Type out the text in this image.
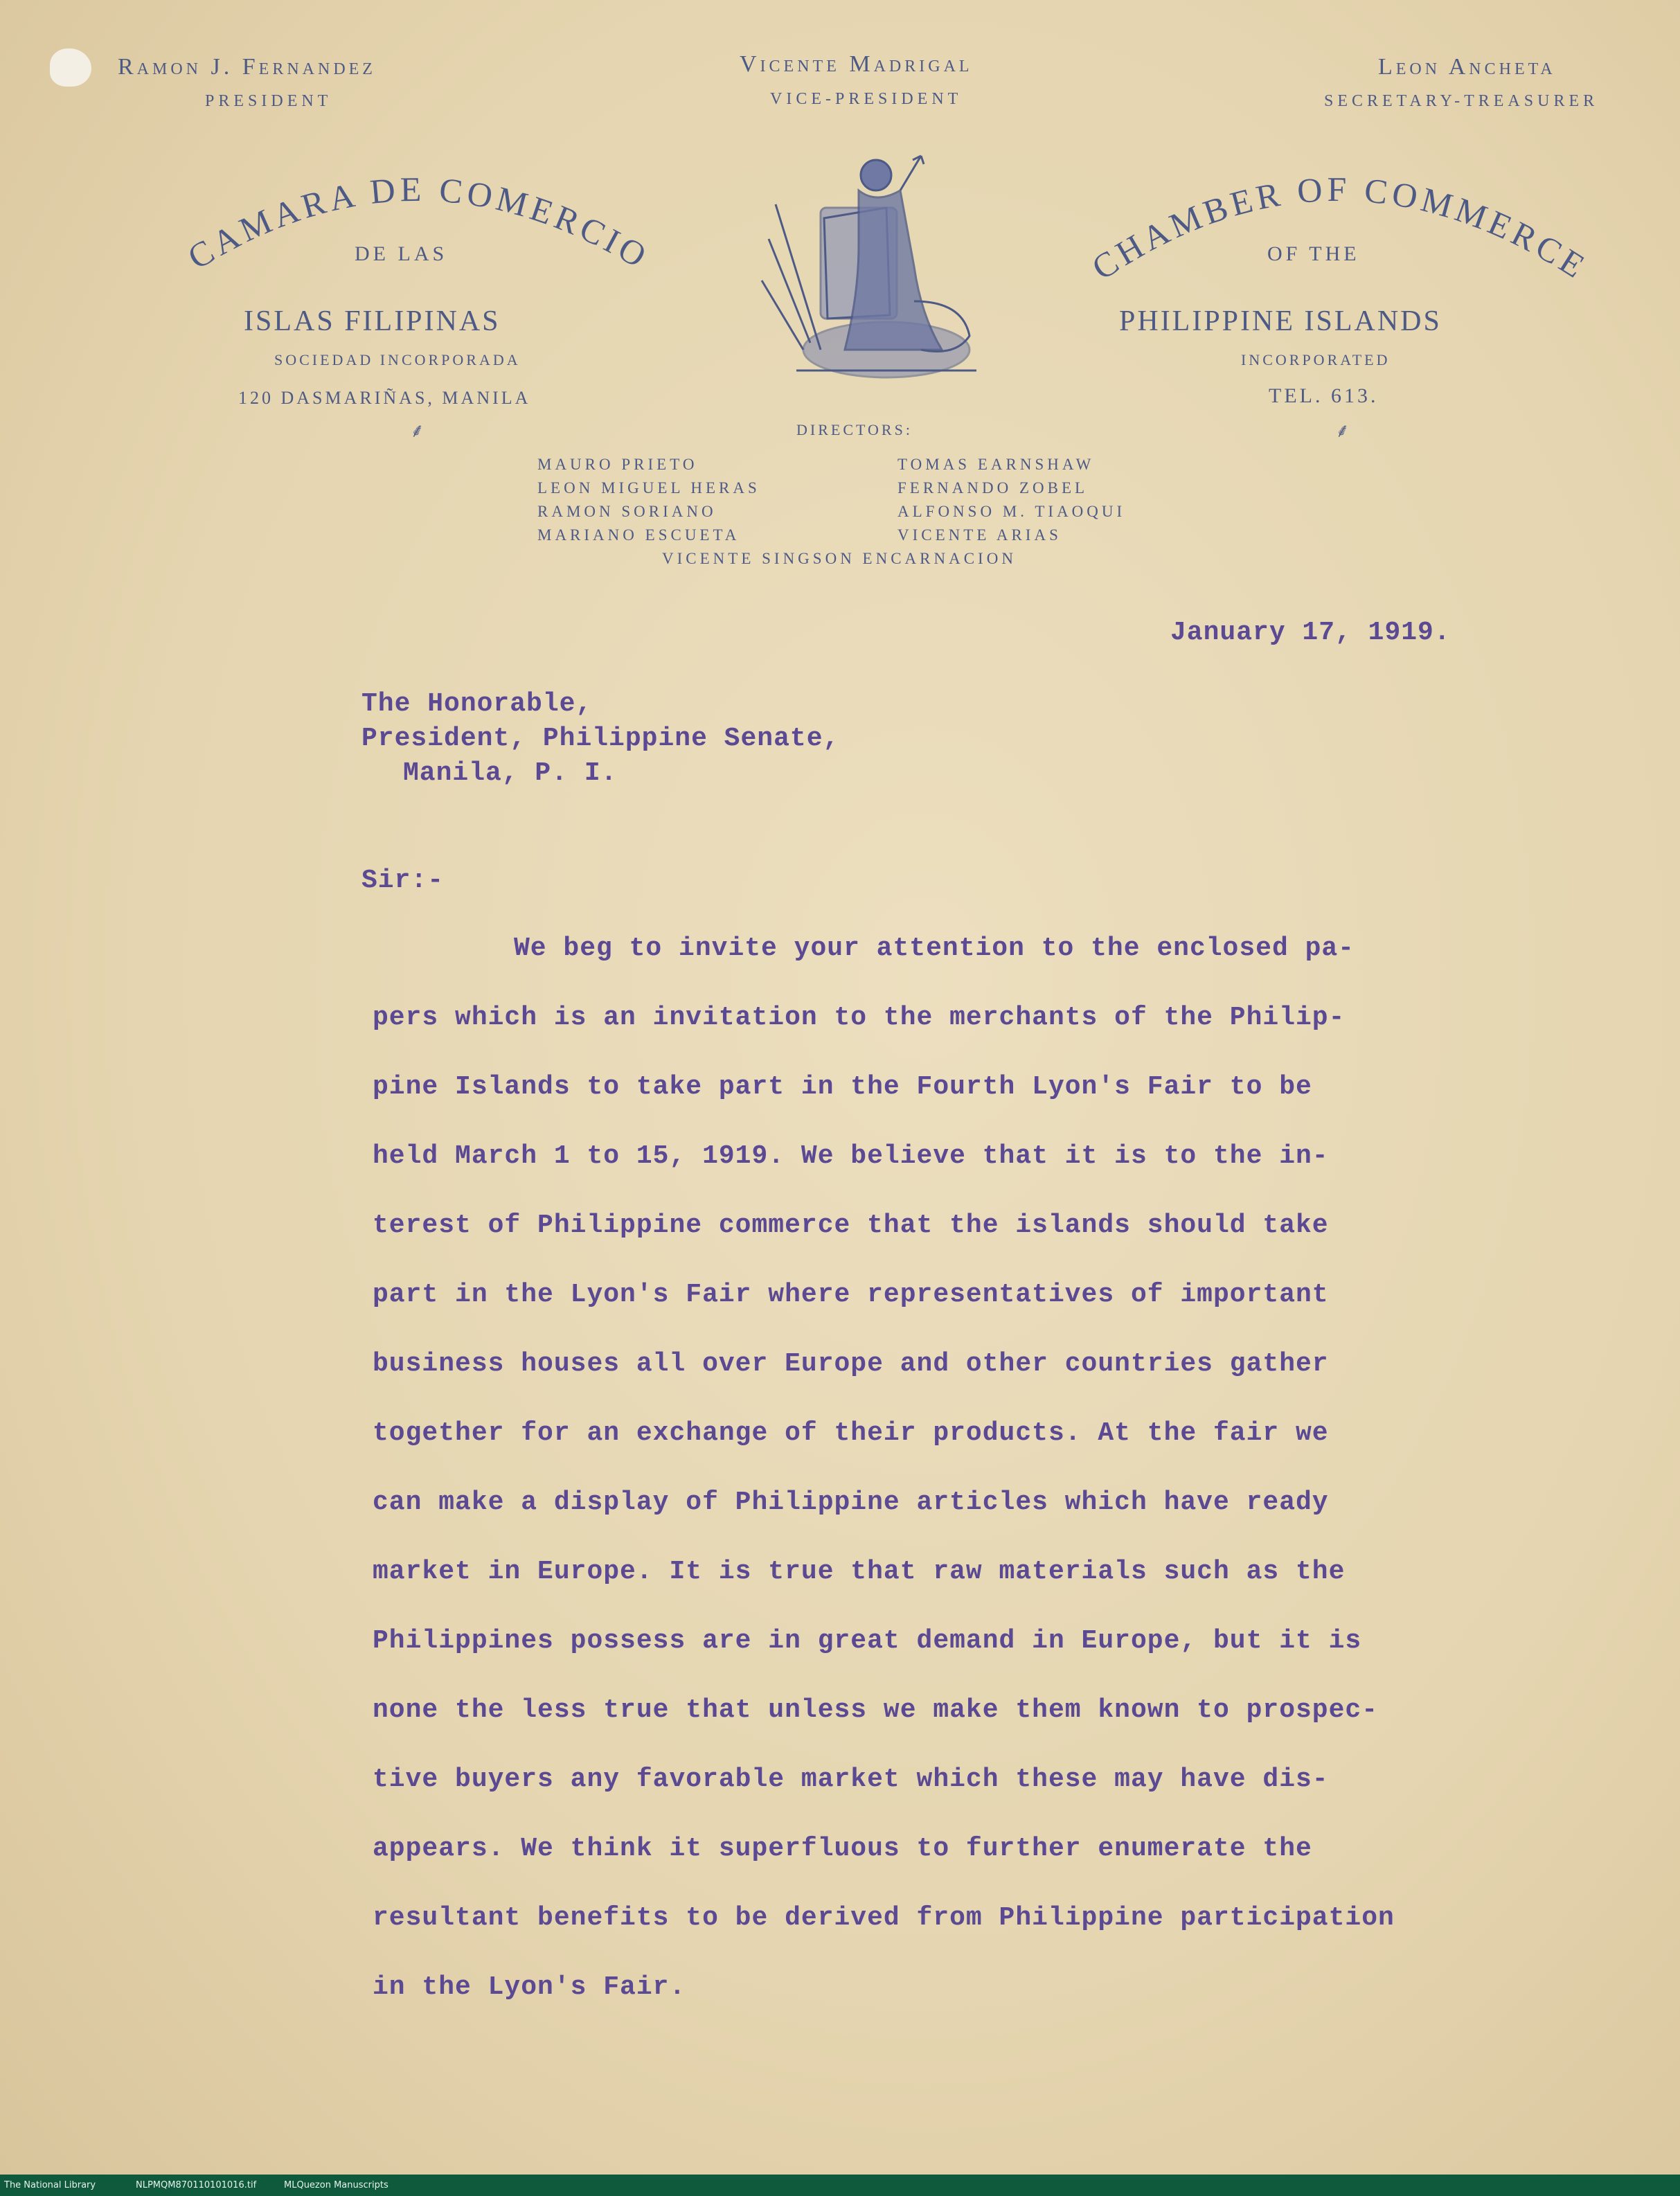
Ramon J. Fernandez
PRESIDENT
Vicente Madrigal
VICE-PRESIDENT
Leon Ancheta
SECRETARY-TREASURER
CAMARA DE COMERCIO
DE LAS
ISLAS FILIPINAS
SOCIEDAD INCORPORADA
120 DASMARIÑAS, MANILA
⸙
CHAMBER OF COMMERCE
OF THE
PHILIPPINE ISLANDS
INCORPORATED
TEL. 613.
⸙
DIRECTORS:
MAURO PRIETO
LEON MIGUEL HERAS
RAMON SORIANO
MARIANO ESCUETA
TOMAS EARNSHAW
FERNANDO ZOBEL
ALFONSO M. TIAOQUI
VICENTE ARIAS
VICENTE SINGSON ENCARNACION
January 17, 1919.
The Honorable,
President, Philippine Senate,
Manila, P. I.
Sir:-
We beg to invite your attention to the enclosed pa-
pers which is an invitation to the merchants of the Philip-
pine Islands to take part in the Fourth Lyon's Fair to be
held March 1 to 15, 1919. We believe that it is to the in-
terest of Philippine commerce that the islands should take
part in the Lyon's Fair where representatives of important
business houses all over Europe and other countries gather
together for an exchange of their products. At the fair we
can make a display of Philippine articles which have ready
market in Europe. It is true that raw materials such as the
Philippines possess are in great demand in Europe, but it is
none the less true that unless we make them known to prospec-
tive buyers any favorable market which these may have dis-
appears. We think it superfluous to further enumerate the
resultant benefits to be derived from Philippine participation
in the Lyon's Fair.
The National Library	NLPMQM870110101016.tif	MLQuezon Manuscripts
